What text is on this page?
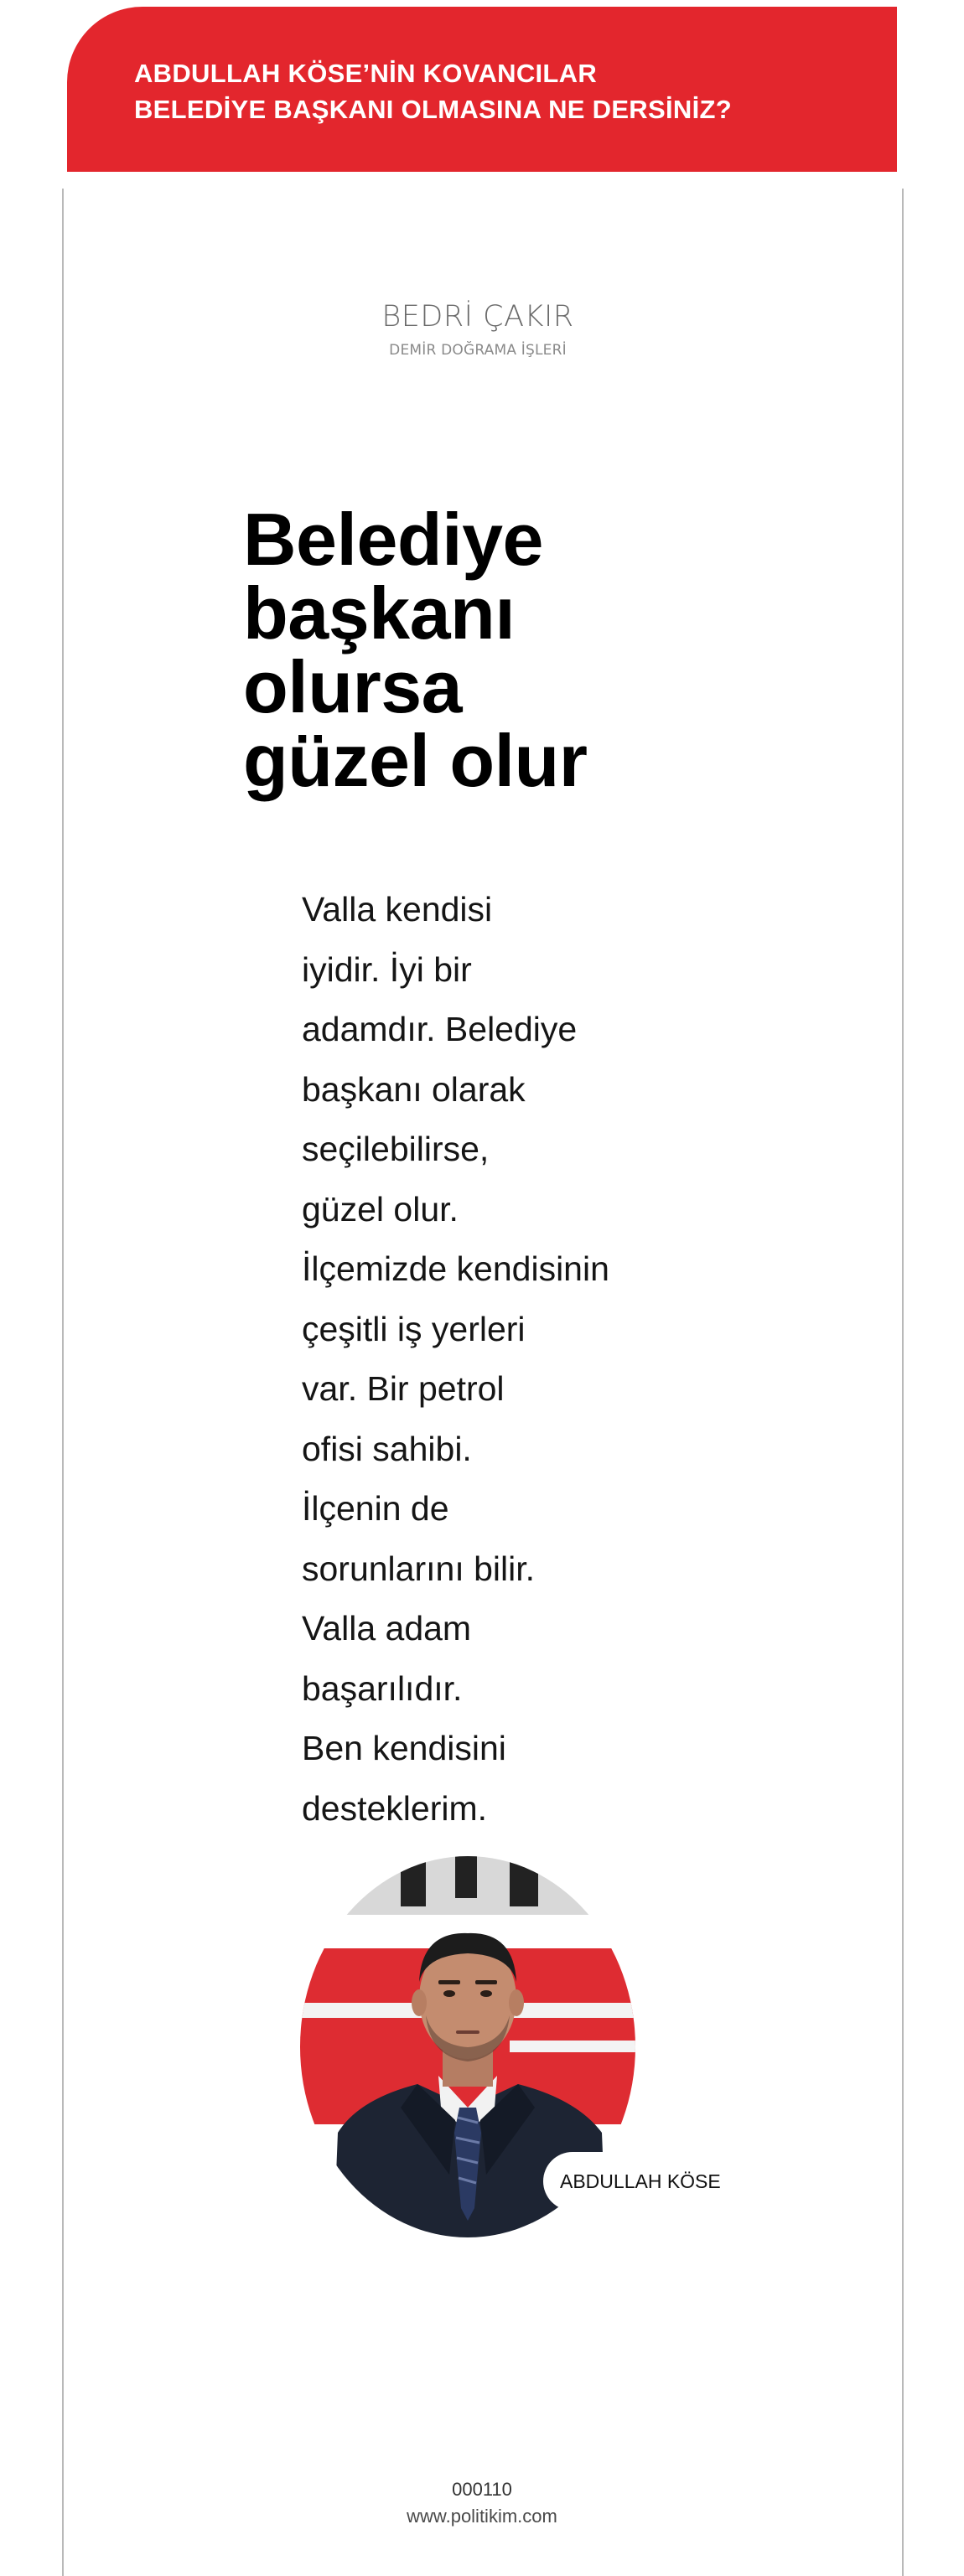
ABDULLAH KÖSE’NİN KOVANCILAR
BELEDİYE BAŞKANI OLMASINA NE DERSİNİZ?
BEDRİ ÇAKIR
DEMİR DOĞRAMA İŞLERİ
Belediye
başkanı
olursa
güzel olur
Valla kendisi
iyidir. İyi bir
adamdır. Belediye
başkanı olarak
seçilebilirse,
güzel olur.
İlçemizde kendisinin
çeşitli iş yerleri
var. Bir petrol
ofisi sahibi.
İlçenin de
sorunlarını bilir.
Valla adam
başarılıdır.
Ben kendisini
desteklerim.
ABDULLAH KÖSE
000110
www.politikim.com
